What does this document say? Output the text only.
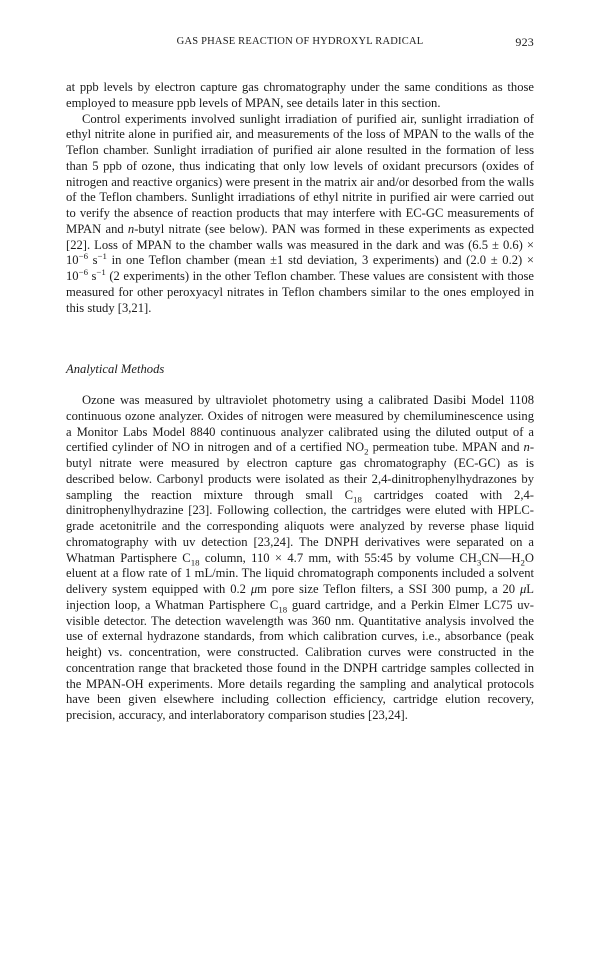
GAS PHASE REACTION OF HYDROXYL RADICAL	923

at ppb levels by electron capture gas chromatography under the same conditions as those employed to measure ppb levels of MPAN, see details later in this section.

Control experiments involved sunlight irradiation of purified air, sunlight irradiation of ethyl nitrite alone in purified air, and measurements of the loss of MPAN to the walls of the Teflon chamber. Sunlight irradiation of purified air alone resulted in the formation of less than 5 ppb of ozone, thus indicating that only low levels of oxidant precursors (oxides of nitrogen and reactive organics) were present in the matrix air and/or desorbed from the walls of the Teflon chambers. Sunlight irradiations of ethyl nitrite in purified air were carried out to verify the absence of reaction products that may interfere with EC-GC measurements of MPAN and n-butyl nitrate (see below). PAN was formed in these experiments as expected [22]. Loss of MPAN to the chamber walls was measured in the dark and was $(6.5 \pm 0.6) \times 10^{-6}$ $s^{-1}$ in one Teflon chamber (mean ±1 std deviation, 3 experiments) and $(2.0 \pm 0.2) \times 10^{-6}$ $s^{-1}$ (2 experiments) in the other Teflon chamber. These values are consistent with those measured for other peroxyacyl nitrates in Teflon chambers similar to the ones employed in this study [3,21].

Analytical Methods

Ozone was measured by ultraviolet photometry using a calibrated Dasibi Model 1108 continuous ozone analyzer. Oxides of nitrogen were measured by chemiluminescence using a Monitor Labs Model 8840 continuous analyzer calibrated using the diluted output of a certified cylinder of NO in nitrogen and of a certified $NO_2$ permeation tube. MPAN and n-butyl nitrate were measured by electron capture gas chromatography (EC-GC) as is described below. Carbonyl products were isolated as their 2,4-dinitrophenylhydrazones by sampling the reaction mixture through small $C_{18}$ cartridges coated with 2,4-dinitrophenylhydrazine [23]. Following collection, the cartridges were eluted with HPLC-grade acetonitrile and the corresponding aliquots were analyzed by reverse phase liquid chromatography with uv detection [23,24]. The DNPH derivatives were separated on a Whatman Partisphere $C_{18}$ column, 110 × 4.7 mm, with 55:45 by volume $CH_3CN—H_2O$ eluent at a flow rate of 1 mL/min. The liquid chromatograph components included a solvent delivery system equipped with 0.2 μm pore size Teflon filters, a SSI 300 pump, a 20 μL injection loop, a Whatman Partisphere $C_{18}$ guard cartridge, and a Perkin Elmer LC75 uv-visible detector. The detection wavelength was 360 nm. Quantitative analysis involved the use of external hydrazone standards, from which calibration curves, i.e., absorbance (peak height) vs. concentration, were constructed. Calibration curves were constructed in the concentration range that bracketed those found in the DNPH cartridge samples collected in the MPAN-OH experiments. More details regarding the sampling and analytical protocols have been given elsewhere including collection efficiency, cartridge elution recovery, precision, accuracy, and interlaboratory comparison studies [23,24].
